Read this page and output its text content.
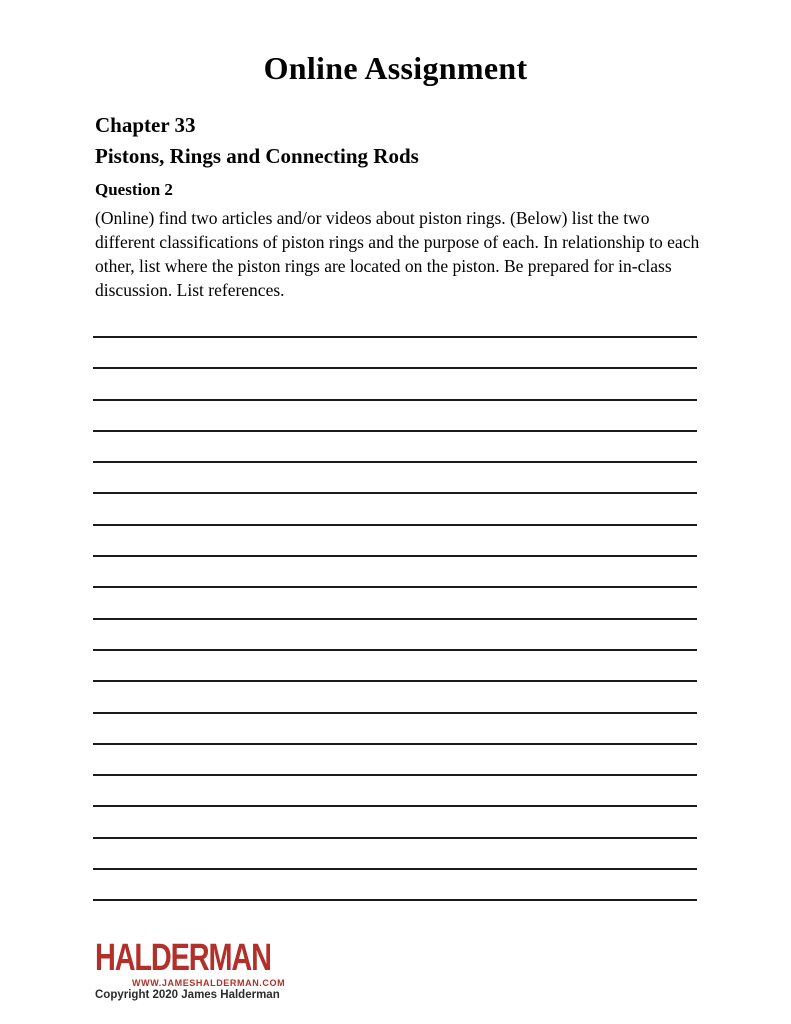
Online Assignment
Chapter 33
Pistons, Rings and Connecting Rods
Question 2
(Online) find two articles and/or videos about piston rings. (Below) list the two different classifications of piston rings and the purpose of each. In relationship to each other, list where the piston rings are located on the piston. Be prepared for in-class discussion. List references.
HALDERMAN
WWW.JAMESHALDERMAN.COM
Copyright 2020 James Halderman
